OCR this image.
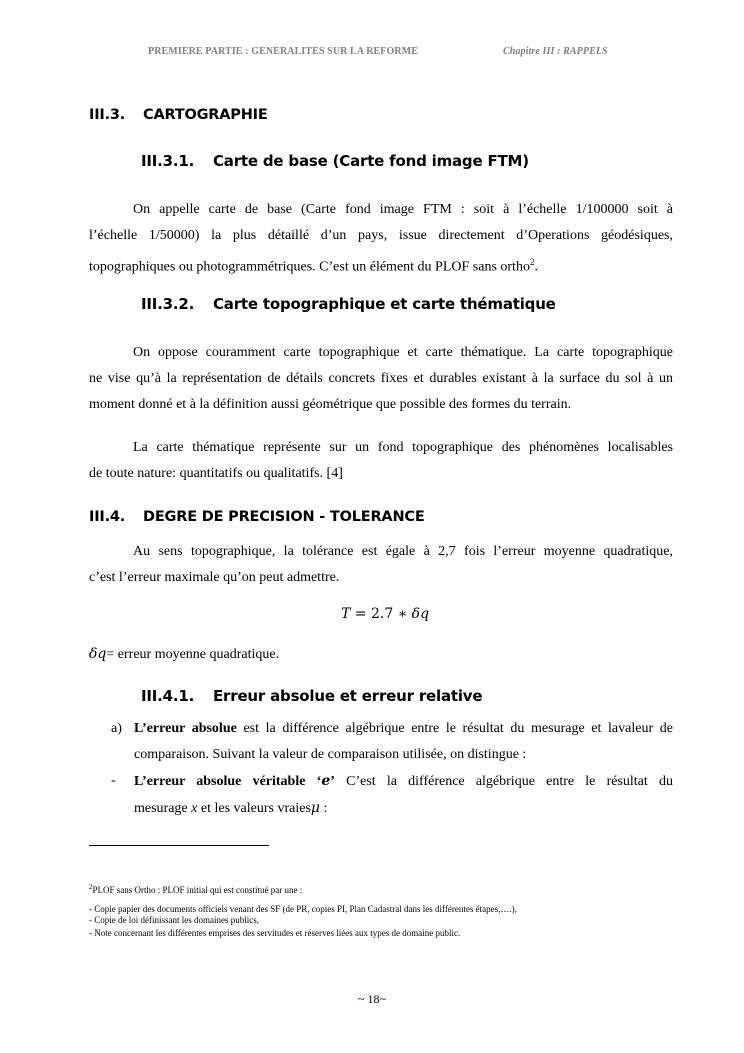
PREMIERE PARTIE : GENERALITES SUR LA REFORME	Chapitre III : RAPPELS
III.3. CARTOGRAPHIE
III.3.1. Carte de base (Carte fond image FTM)
On appelle carte de base (Carte fond image FTM : soit à l’échelle 1/100000 soit à
l’échelle 1/50000) la plus détaillé d’un pays, issue directement d’Operations géodésiques,
topographiques ou photogrammétriques. C’est un élément du PLOF sans ortho$^2$.
III.3.2. Carte topographique et carte thématique
On oppose couramment carte topographique et carte thématique. La carte topographique
ne vise qu’à la représentation de détails concrets fixes et durables existant à la surface du sol à un
moment donné et à la définition aussi géométrique que possible des formes du terrain.
La carte thématique représente sur un fond topographique des phénomènes localisables
de toute nature: quantitatifs ou qualitatifs. [4]
III.4. DEGRE DE PRECISION - TOLERANCE
Au sens topographique, la tolérance est égale à 2,7 fois l’erreur moyenne quadratique,
c’est l’erreur maximale qu’on peut admettre.
T = 2.7 ∗ δq
δq= erreur moyenne quadratique.
III.4.1. Erreur absolue et erreur relative
a) L’erreur absolue est la différence algébrique entre le résultat du mesurage et lavaleur de
comparaison. Suivant la valeur de comparaison utilisée, on distingue :
- L’erreur absolue véritable ‘e’ C’est la différence algébrique entre le résultat du
mesurage x et les valeurs vraiesμ :
$^2$PLOF sans Ortho : PLOF initial qui est constitué par une :
- Copie papier des documents officiels venant des SF (de PR, copies PI, Plan Cadastral dans les différentes étapes,….),
- Copie de loi définissant les domaines publics,
- Note concernant les différentes emprises des servitudes et réserves liées aux types de domaine public.
~ 18~
